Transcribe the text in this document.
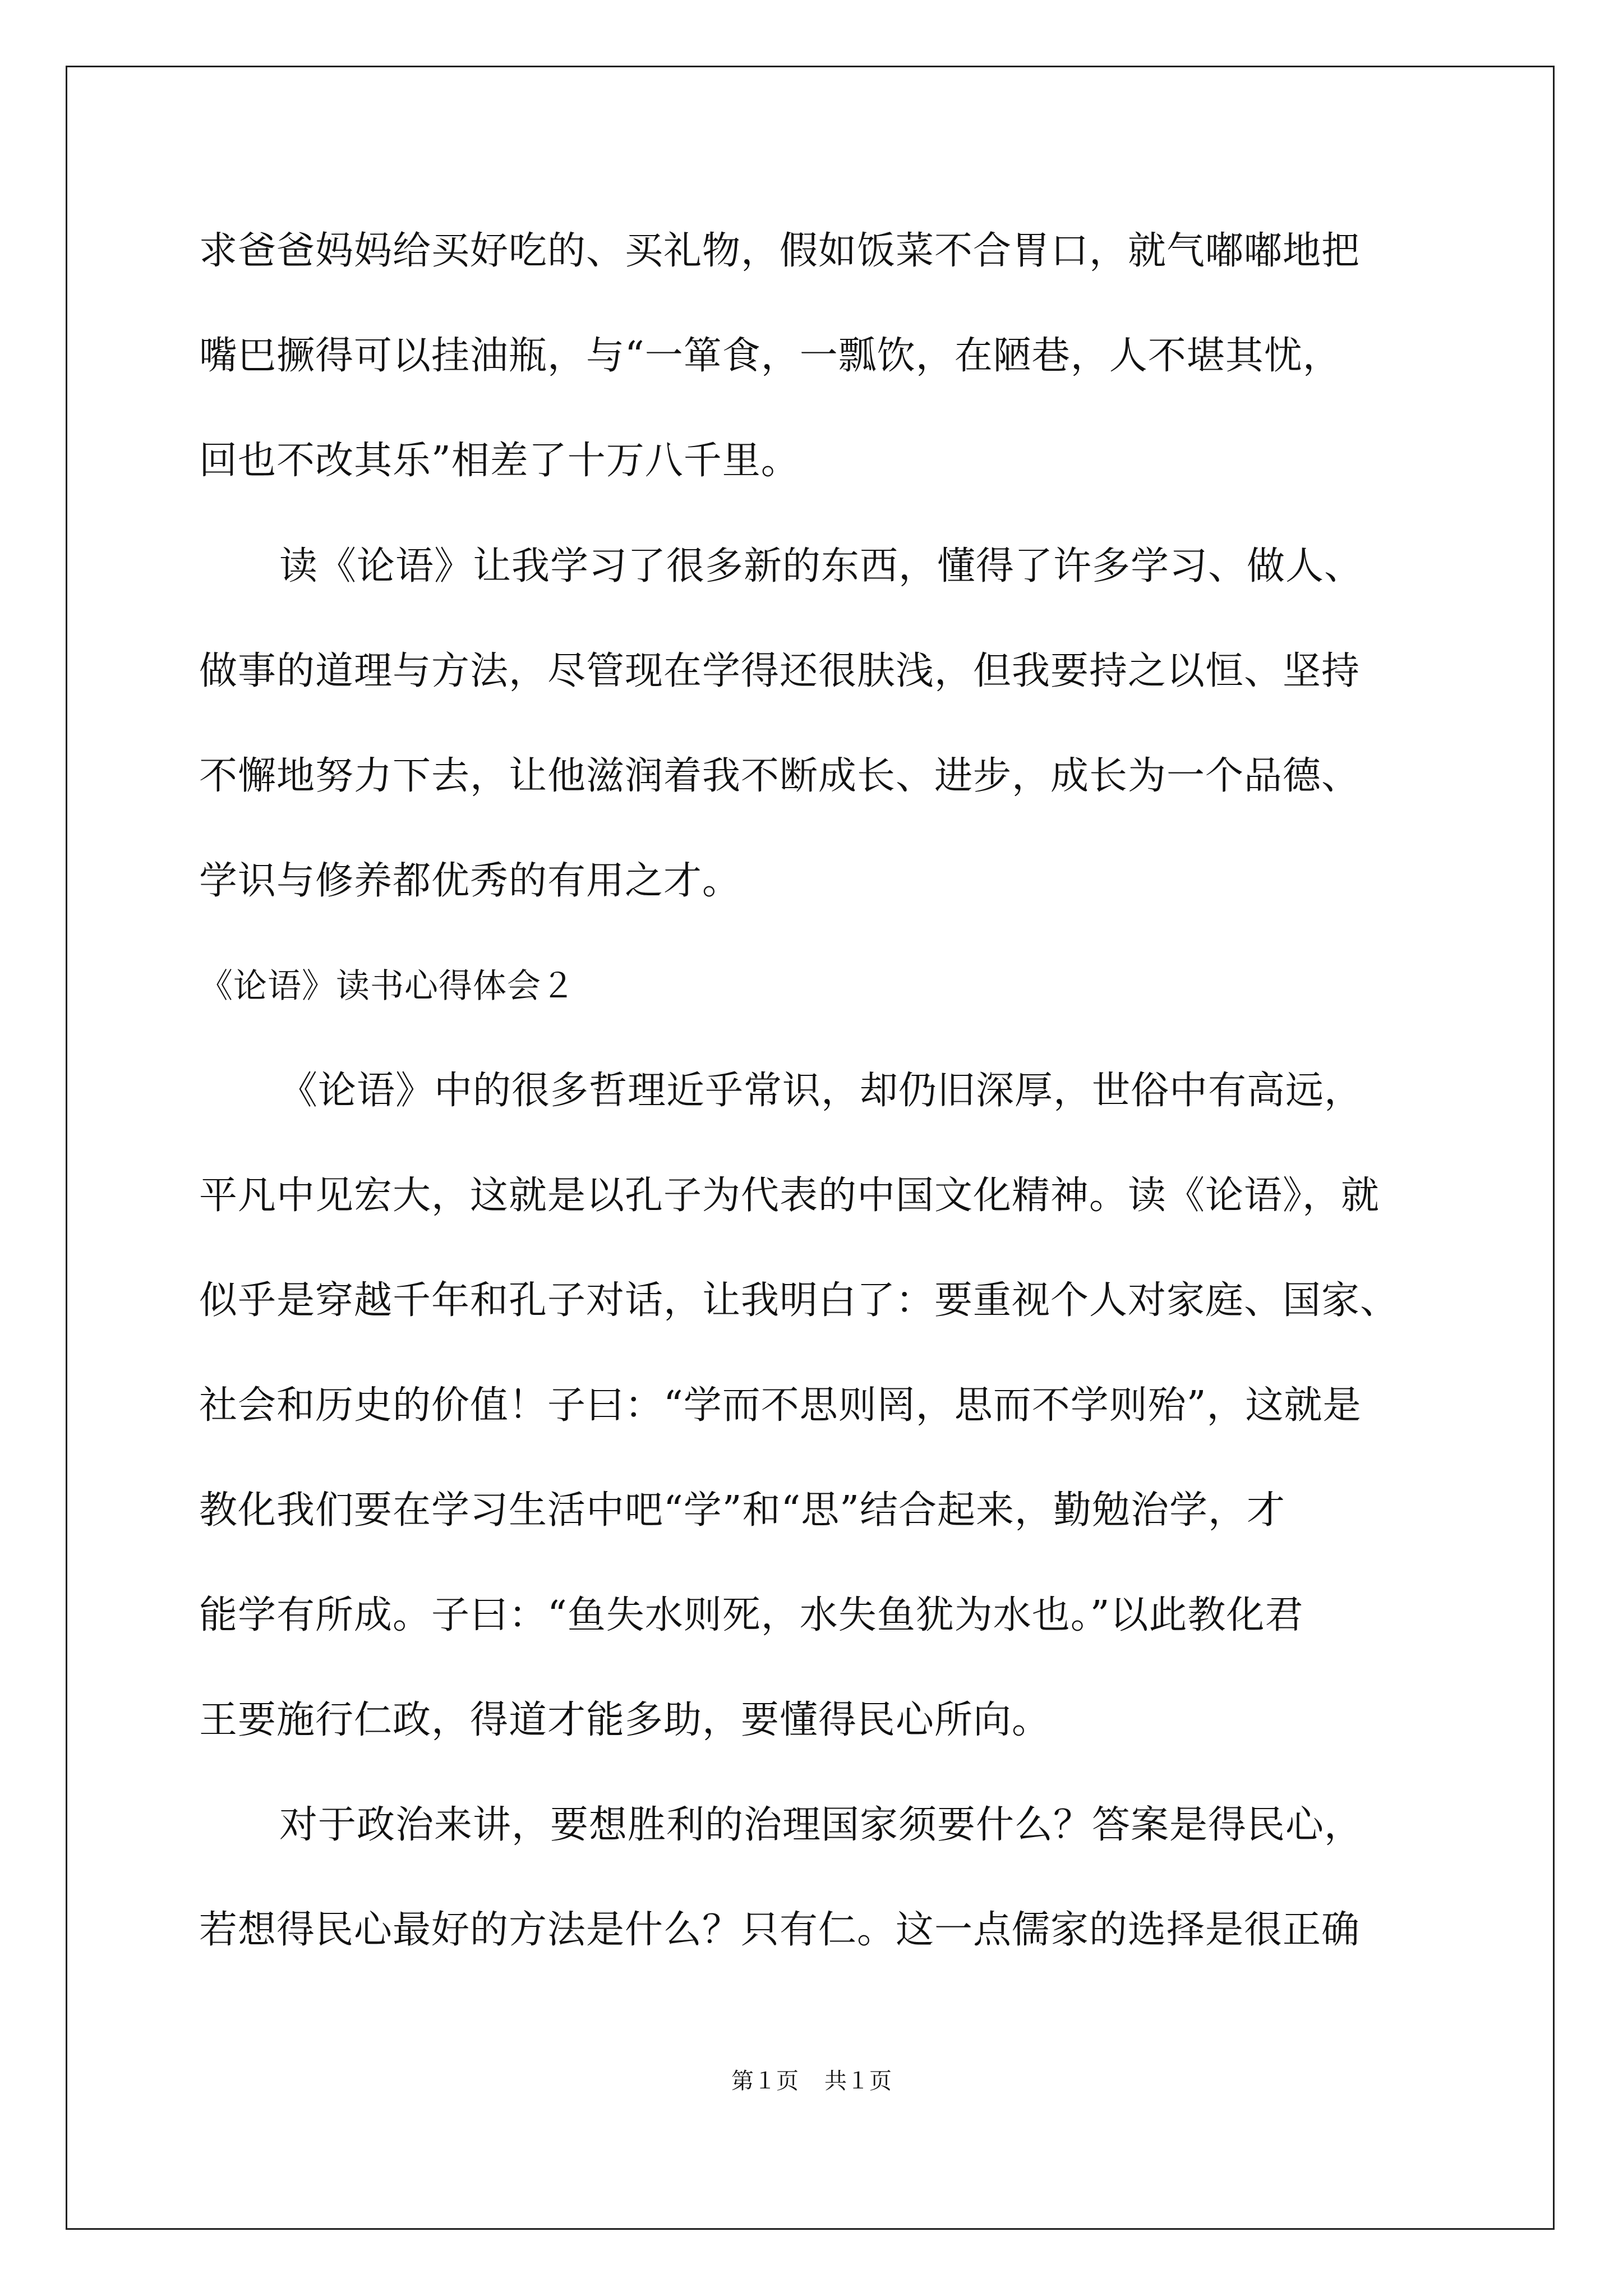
求爸爸妈妈给买好吃的、买礼物，假如饭菜不合胃口，就气嘟嘟地把
嘴巴撅得可以挂油瓶，与“一箪食，一瓢饮，在陋巷，人不堪其忧，
回也不改其乐”相差了十万八千里。
读《论语》让我学习了很多新的东西，懂得了许多学习、做人、
做事的道理与方法，尽管现在学得还很肤浅，但我要持之以恒、坚持
不懈地努力下去，让他滋润着我不断成长、进步，成长为一个品德、
学识与修养都优秀的有用之才。
《论语》读书心得体会２
《论语》中的很多哲理近乎常识，却仍旧深厚，世俗中有高远，
平凡中见宏大，这就是以孔子为代表的中国文化精神。读《论语》，就
似乎是穿越千年和孔子对话，让我明白了：要重视个人对家庭、国家、
社会和历史的价值！子曰：“学而不思则罔，思而不学则殆”，这就是
教化我们要在学习生活中吧“学”和“思”结合起来，勤勉治学，才
能学有所成。子曰：“鱼失水则死，水失鱼犹为水也。”以此教化君
王要施行仁政，得道才能多助，要懂得民心所向。
对于政治来讲，要想胜利的治理国家须要什么？答案是得民心，
若想得民心最好的方法是什么？只有仁。这一点儒家的选择是很正确
第１页 共１页
